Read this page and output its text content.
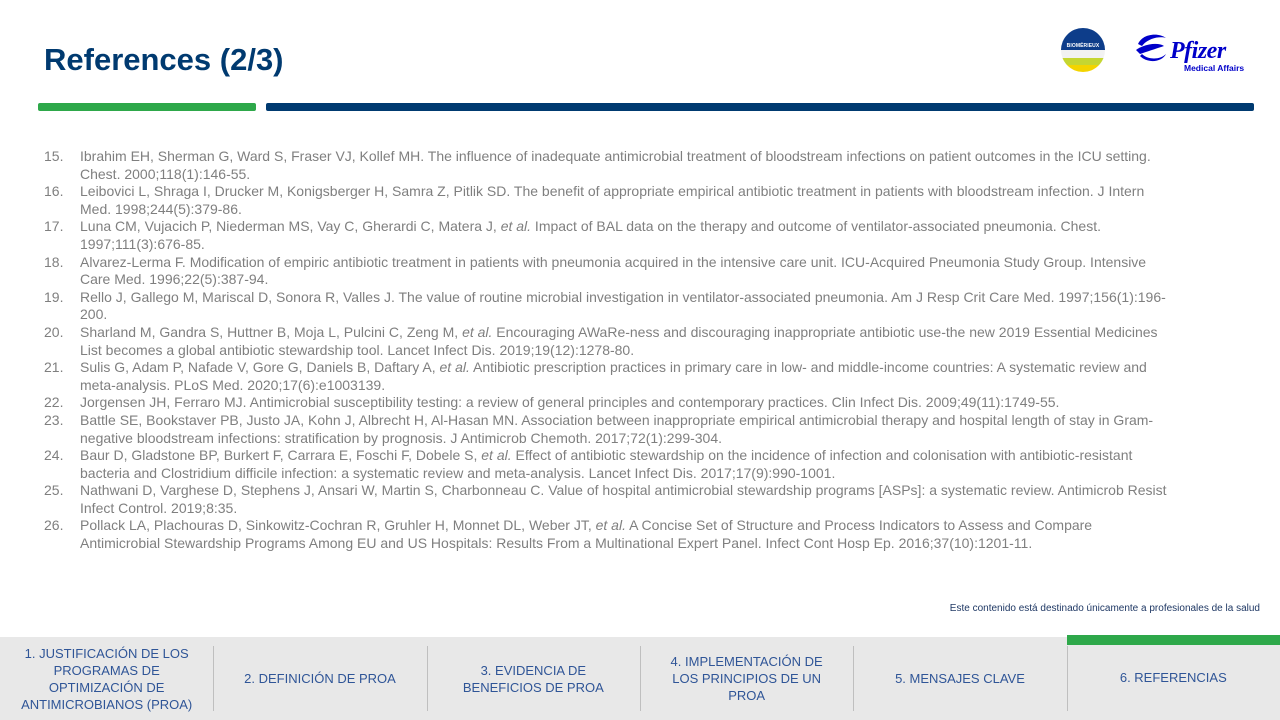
References (2/3)	BIOMÉRIEUX	Pfizer
Medical Affairs
15. Ibrahim EH, Sherman G, Ward S, Fraser VJ, Kollef MH. The influence of inadequate antimicrobial treatment of bloodstream infections on patient outcomes in the ICU setting. Chest. 2000;118(1):146-55.
16. Leibovici L, Shraga I, Drucker M, Konigsberger H, Samra Z, Pitlik SD. The benefit of appropriate empirical antibiotic treatment in patients with bloodstream infection. J Intern Med. 1998;244(5):379-86.
17. Luna CM, Vujacich P, Niederman MS, Vay C, Gherardi C, Matera J, et al. Impact of BAL data on the therapy and outcome of ventilator-associated pneumonia. Chest. 1997;111(3):676-85.
18. Alvarez-Lerma F. Modification of empiric antibiotic treatment in patients with pneumonia acquired in the intensive care unit. ICU-Acquired Pneumonia Study Group. Intensive Care Med. 1996;22(5):387-94.
19. Rello J, Gallego M, Mariscal D, Sonora R, Valles J. The value of routine microbial investigation in ventilator-associated pneumonia. Am J Resp Crit Care Med. 1997;156(1):196-200.
20. Sharland M, Gandra S, Huttner B, Moja L, Pulcini C, Zeng M, et al. Encouraging AWaRe-ness and discouraging inappropriate antibiotic use-the new 2019 Essential Medicines List becomes a global antibiotic stewardship tool. Lancet Infect Dis. 2019;19(12):1278-80.
21. Sulis G, Adam P, Nafade V, Gore G, Daniels B, Daftary A, et al. Antibiotic prescription practices in primary care in low- and middle-income countries: A systematic review and meta-analysis. PLoS Med. 2020;17(6):e1003139.
22. Jorgensen JH, Ferraro MJ. Antimicrobial susceptibility testing: a review of general principles and contemporary practices. Clin Infect Dis. 2009;49(11):1749-55.
23. Battle SE, Bookstaver PB, Justo JA, Kohn J, Albrecht H, Al-Hasan MN. Association between inappropriate empirical antimicrobial therapy and hospital length of stay in Gram-negative bloodstream infections: stratification by prognosis. J Antimicrob Chemoth. 2017;72(1):299-304.
24. Baur D, Gladstone BP, Burkert F, Carrara E, Foschi F, Dobele S, et al. Effect of antibiotic stewardship on the incidence of infection and colonisation with antibiotic-resistant bacteria and Clostridium difficile infection: a systematic review and meta-analysis. Lancet Infect Dis. 2017;17(9):990-1001.
25. Nathwani D, Varghese D, Stephens J, Ansari W, Martin S, Charbonneau C. Value of hospital antimicrobial stewardship programs [ASPs]: a systematic review. Antimicrob Resist Infect Control. 2019;8:35.
26. Pollack LA, Plachouras D, Sinkowitz-Cochran R, Gruhler H, Monnet DL, Weber JT, et al. A Concise Set of Structure and Process Indicators to Assess and Compare Antimicrobial Stewardship Programs Among EU and US Hospitals: Results From a Multinational Expert Panel. Infect Cont Hosp Ep. 2016;37(10):1201-11.
Este contenido está destinado únicamente a profesionales de la salud
1. JUSTIFICACIÓN DE LOS PROGRAMAS DE OPTIMIZACIÓN DE ANTIMICROBIANOS (PROA)
2. DEFINICIÓN DE PROA
3. EVIDENCIA DE BENEFICIOS DE PROA
4. IMPLEMENTACIÓN DE LOS PRINCIPIOS DE UN PROA
5. MENSAJES CLAVE	6. REFERENCIAS
